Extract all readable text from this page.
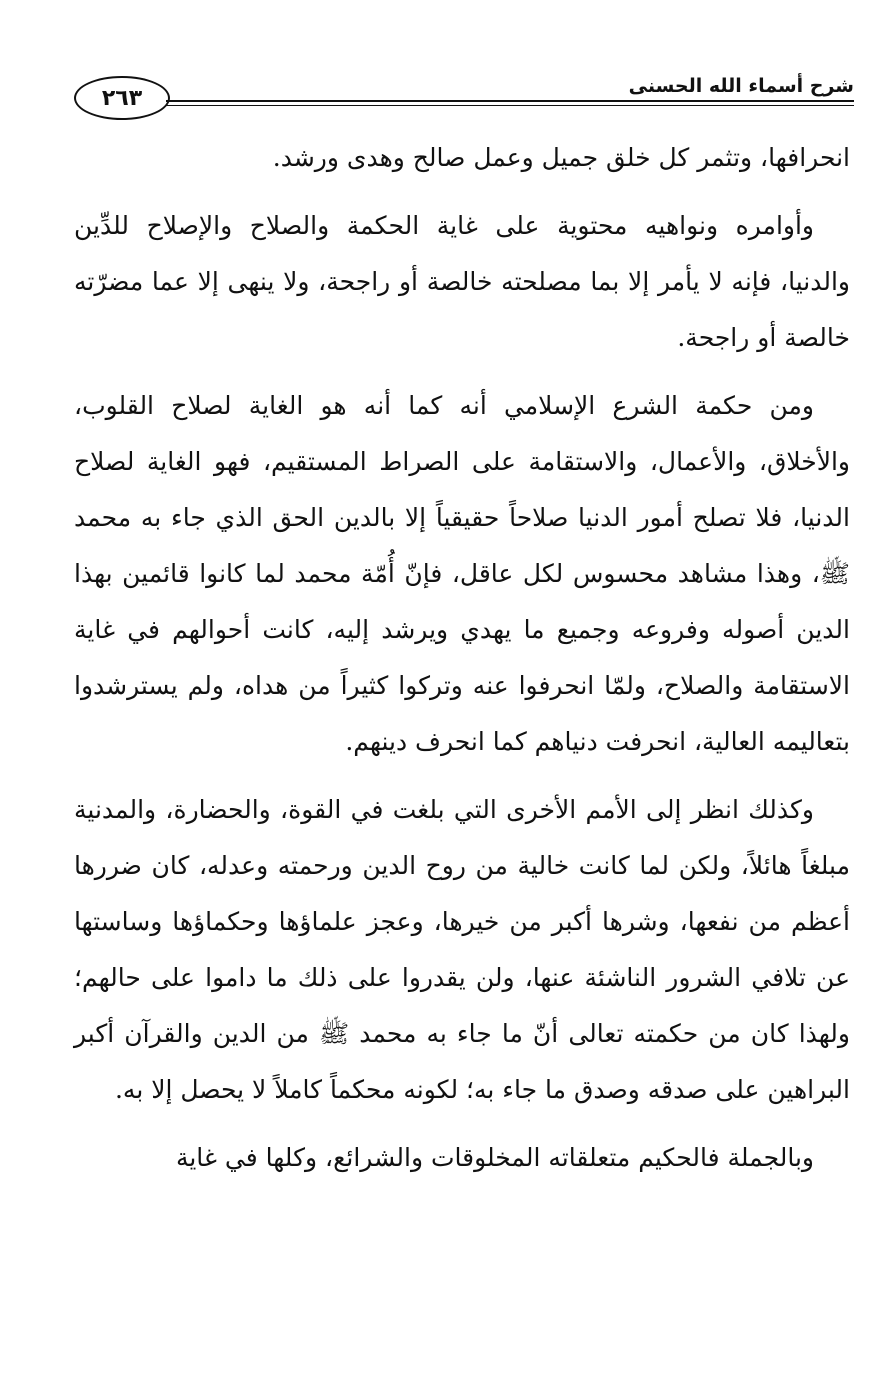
شرح أسماء الله الحسنى
٢٦٣

انحرافها، وتثمر كل خلق جميل وعمل صالح وهدى ورشد.

وأوامره ونواهيه محتوية على غاية الحكمة والصلاح والإصلاح للدِّين والدنيا، فإنه لا يأمر إلا بما مصلحته خالصة أو راجحة، ولا ينهى إلا عما مضرّته خالصة أو راجحة.

ومن حكمة الشرع الإسلامي أنه كما أنه هو الغاية لصلاح القلوب، والأخلاق، والأعمال، والاستقامة على الصراط المستقيم، فهو الغاية لصلاح الدنيا، فلا تصلح أمور الدنيا صلاحاً حقيقياً إلا بالدين الحق الذي جاء به محمد ﷺ، وهذا مشاهد محسوس لكل عاقل، فإنّ أُمّة محمد لما كانوا قائمين بهذا الدين أصوله وفروعه وجميع ما يهدي ويرشد إليه، كانت أحوالهم في غاية الاستقامة والصلاح، ولمّا انحرفوا عنه وتركوا كثيراً من هداه، ولم يسترشدوا بتعاليمه العالية، انحرفت دنياهم كما انحرف دينهم.

وكذلك انظر إلى الأمم الأخرى التي بلغت في القوة، والحضارة، والمدنية مبلغاً هائلاً، ولكن لما كانت خالية من روح الدين ورحمته وعدله، كان ضررها أعظم من نفعها، وشرها أكبر من خيرها، وعجز علماؤها وحكماؤها وساستها عن تلافي الشرور الناشئة عنها، ولن يقدروا على ذلك ما داموا على حالهم؛ ولهذا كان من حكمته تعالى أنّ ما جاء به محمد ﷺ من الدين والقرآن أكبر البراهين على صدقه وصدق ما جاء به؛ لكونه محكماً كاملاً لا يحصل إلا به.

وبالجملة فالحكيم متعلقاته المخلوقات والشرائع، وكلها في غاية
